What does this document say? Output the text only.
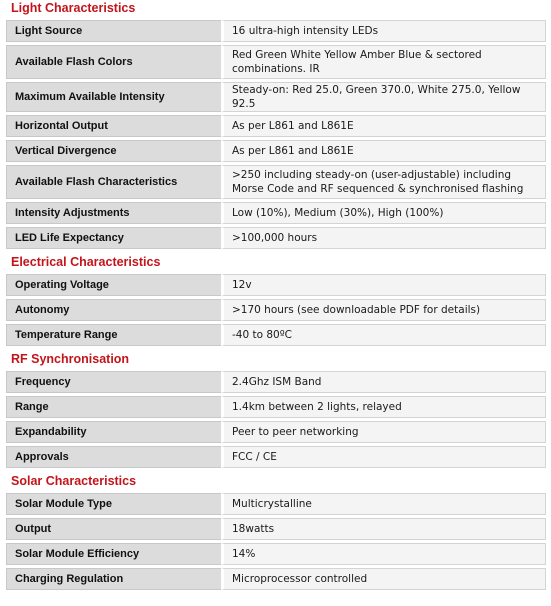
Light Characteristics
Light Source	16 ultra-high intensity LEDs
Available Flash Colors	Red Green White Yellow Amber Blue & sectored combinations. IR
Maximum Available Intensity	Steady-on: Red 25.0, Green 370.0, White 275.0, Yellow 92.5
Horizontal Output	As per L861 and L861E
Vertical Divergence	As per L861 and L861E
Available Flash Characteristics	>250 including steady-on (user-adjustable) including Morse Code and RF sequenced & synchronised flashing
Intensity Adjustments	Low (10%), Medium (30%), High (100%)
LED Life Expectancy	>100,000 hours
Electrical Characteristics
Operating Voltage	12v
Autonomy	>170 hours (see downloadable PDF for details)
Temperature Range	-40 to 80ºC
RF Synchronisation
Frequency	2.4Ghz ISM Band
Range	1.4km between 2 lights, relayed
Expandability	Peer to peer networking
Approvals	FCC / CE
Solar Characteristics
Solar Module Type	Multicrystalline
Output	18watts
Solar Module Efficiency	14%
Charging Regulation	Microprocessor controlled
